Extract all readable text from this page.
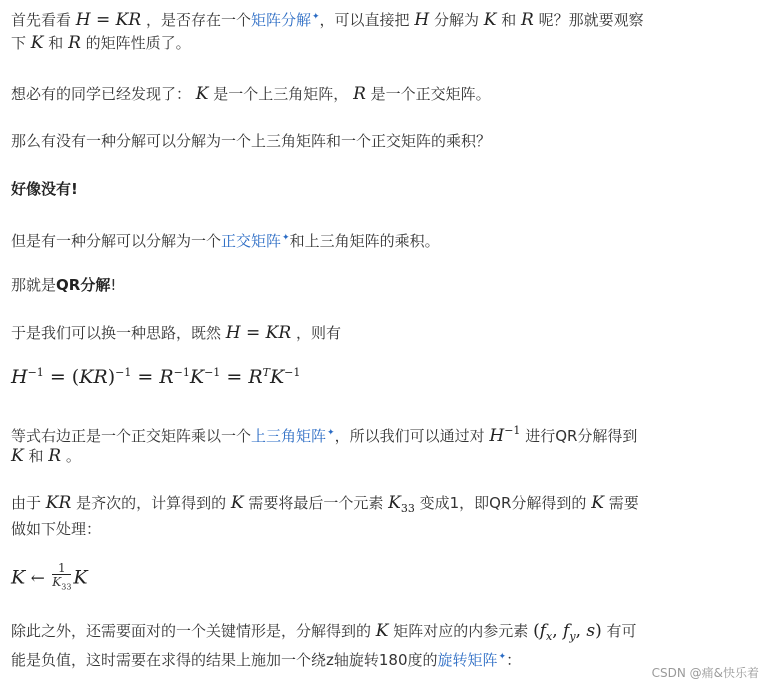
首先看看 H = KR ，是否存在一个矩阵分解✦，可以直接把 H 分解为 K 和 R 呢？那就要观察
下 K 和 R 的矩阵性质了。
想必有的同学已经发现了： K 是一个上三角矩阵， R 是一个正交矩阵。
那么有没有一种分解可以分解为一个上三角矩阵和一个正交矩阵的乘积？
好像没有!
但是有一种分解可以分解为一个正交矩阵✦和上三角矩阵的乘积。
那就是QR分解!
于是我们可以换一种思路，既然 H = KR ，则有
$H^{-1} = (KR)^{-1} = R^{-1}K^{-1} = R^TK^{-1}$
等式右边正是一个正交矩阵乘以一个上三角矩阵✦，所以我们可以通过对 $H^{-1}$ 进行QR分解得到
K 和 R 。
由于 KR 是齐次的，计算得到的 K 需要将最后一个元素 $K_{33}$ 变成1，即QR分解得到的 K 需要
做如下处理：
K ← $\frac{1}{K_{33}}$ K
除此之外，还需要面对的一个关键情形是，分解得到的 K 矩阵对应的内参元素 ($f_x$, $f_y$, s) 有可
能是负值，这时需要在求得的结果上施加一个绕z轴旋转180度的旋转矩阵✦：
CSDN @痛&快乐着
